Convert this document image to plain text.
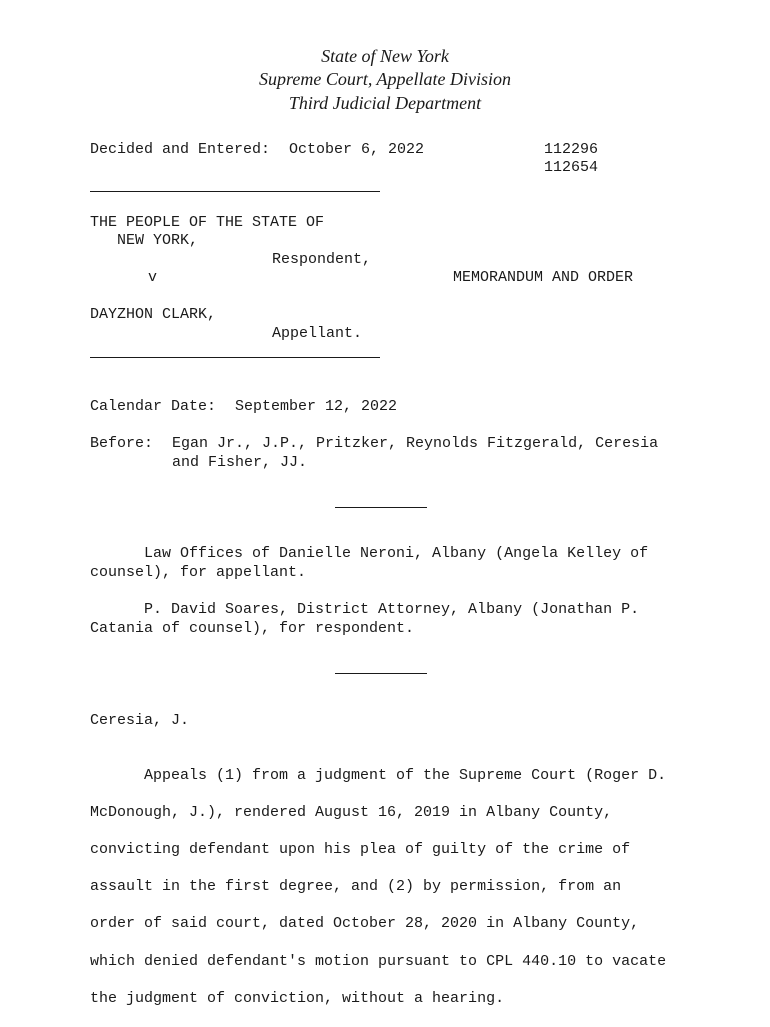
State of New York
Supreme Court, Appellate Division
Third Judicial Department
Decided and Entered: October 6, 2022	112296
112654
THE PEOPLE OF THE STATE OF
NEW YORK,
Respondent,
v	MEMORANDUM AND ORDER
DAYZHON CLARK,
Appellant.
Calendar Date: September 12, 2022
Before: Egan Jr., J.P., Pritzker, Reynolds Fitzgerald, Ceresia
and Fisher, JJ.
Law Offices of Danielle Neroni, Albany (Angela Kelley of
counsel), for appellant.
P. David Soares, District Attorney, Albany (Jonathan P.
Catania of counsel), for respondent.
Ceresia, J.

Appeals (1) from a judgment of the Supreme Court (Roger D.

McDonough, J.), rendered August 16, 2019 in Albany County,

convicting defendant upon his plea of guilty of the crime of

assault in the first degree, and (2) by permission, from an

order of said court, dated October 28, 2020 in Albany County,

which denied defendant's motion pursuant to CPL 440.10 to vacate

the judgment of conviction, without a hearing.
